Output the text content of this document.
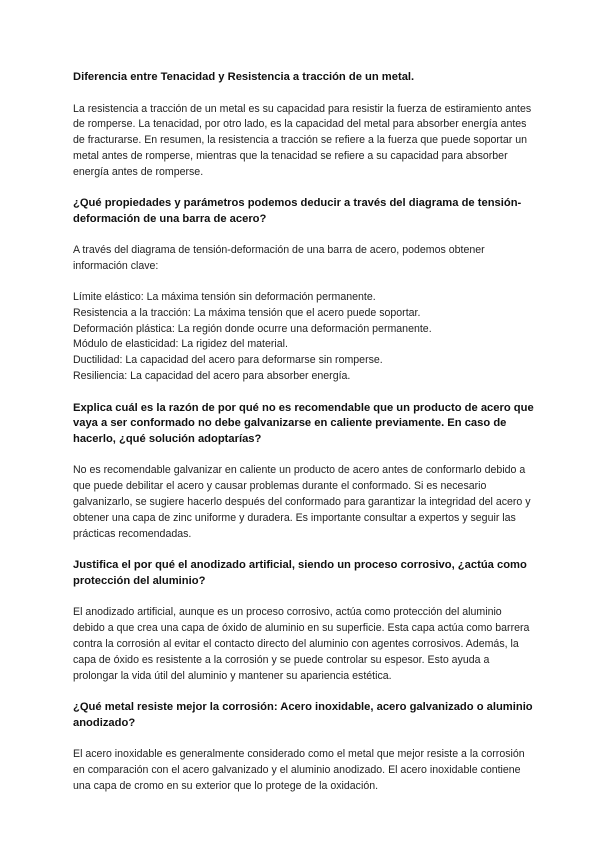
Diferencia entre Tenacidad y Resistencia a tracción de un metal.

La resistencia a tracción de un metal es su capacidad para resistir la fuerza de estiramiento antes de romperse. La tenacidad, por otro lado, es la capacidad del metal para absorber energía antes de fracturarse. En resumen, la resistencia a tracción se refiere a la fuerza que puede soportar un metal antes de romperse, mientras que la tenacidad se refiere a su capacidad para absorber energía antes de romperse.

¿Qué propiedades y parámetros podemos deducir a través del diagrama de tensión-deformación de una barra de acero?

A través del diagrama de tensión-deformación de una barra de acero, podemos obtener información clave:

Límite elástico: La máxima tensión sin deformación permanente.
Resistencia a la tracción: La máxima tensión que el acero puede soportar.
Deformación plástica: La región donde ocurre una deformación permanente.
Módulo de elasticidad: La rigidez del material.
Ductilidad: La capacidad del acero para deformarse sin romperse.
Resiliencia: La capacidad del acero para absorber energía.

Explica cuál es la razón de por qué no es recomendable que un producto de acero que vaya a ser conformado no debe galvanizarse en caliente previamente. En caso de hacerlo, ¿qué solución adoptarías?

No es recomendable galvanizar en caliente un producto de acero antes de conformarlo debido a que puede debilitar el acero y causar problemas durante el conformado. Si es necesario galvanizarlo, se sugiere hacerlo después del conformado para garantizar la integridad del acero y obtener una capa de zinc uniforme y duradera. Es importante consultar a expertos y seguir las prácticas recomendadas.

Justifica el por qué el anodizado artificial, siendo un proceso corrosivo, ¿actúa como protección del aluminio?

El anodizado artificial, aunque es un proceso corrosivo, actúa como protección del aluminio debido a que crea una capa de óxido de aluminio en su superficie. Esta capa actúa como barrera contra la corrosión al evitar el contacto directo del aluminio con agentes corrosivos. Además, la capa de óxido es resistente a la corrosión y se puede controlar su espesor. Esto ayuda a prolongar la vida útil del aluminio y mantener su apariencia estética.

¿Qué metal resiste mejor la corrosión: Acero inoxidable, acero galvanizado o aluminio anodizado?

El acero inoxidable es generalmente considerado como el metal que mejor resiste a la corrosión en comparación con el acero galvanizado y el aluminio anodizado. El acero inoxidable contiene una capa de cromo en su exterior que lo protege de la oxidación.
